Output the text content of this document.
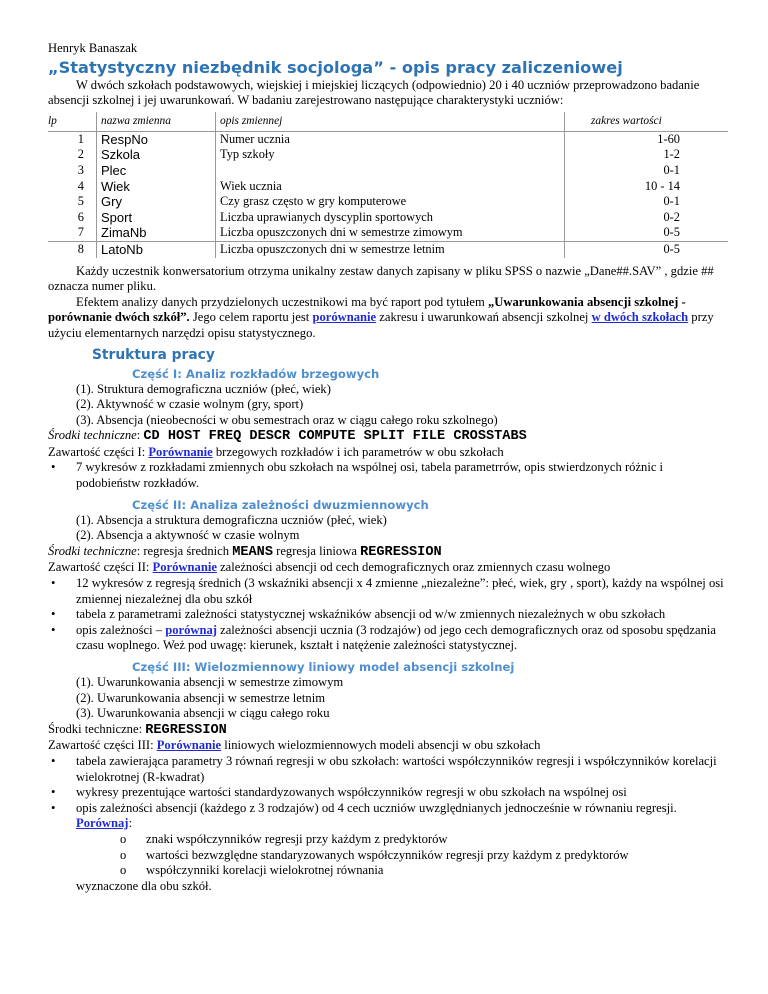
Henryk Banaszak

„Statystyczny niezbędnik socjologa” - opis pracy zaliczeniowej

W dwóch szkołach podstawowych, wiejskiej i miejskiej liczących (odpowiednio) 20 i 40 uczniów przeprowadzono badanie absencji szkolnej i jej uwarunkowań. W badaniu zarejestrowano następujące charakterystyki uczniów:

lp	nazwa zmienna	opis zmiennej	zakres wartości
1	RespNo	Numer ucznia	1-60
2	Szkola	Typ szkoły	1-2
3	Plec		0-1
4	Wiek	Wiek ucznia	10 - 14
5	Gry	Czy grasz często w gry komputerowe	0-1
6	Sport	Liczba uprawianych dyscyplin sportowych	0-2
7	ZimaNb	Liczba opuszczonych dni w semestrze zimowym	0-5
8	LatoNb	Liczba opuszczonych dni w semestrze letnim	0-5

Każdy uczestnik konwersatorium otrzyma unikalny zestaw danych zapisany w pliku SPSS o nazwie „Dane##.SAV” , gdzie ## oznacza numer pliku.

Efektem analizy danych przydzielonych uczestnikowi ma być raport pod tytułem „Uwarunkowania absencji szkolnej - porównanie dwóch szkół”. Jego celem raportu jest porównanie zakresu i uwarunkowań absencji szkolnej w dwóch szkołach przy użyciu elementarnych narzędzi opisu statystycznego.

Struktura pracy

Część I: Analiz rozkładów brzegowych

(1). Struktura demograficzna uczniów (płeć, wiek)

(2). Aktywność w czasie wolnym (gry, sport)

(3). Absencja (nieobecności w obu semestrach oraz w ciągu całego roku szkolnego)

Środki techniczne: CD HOST FREQ DESCR COMPUTE SPLIT FILE CROSSTABS

Zawartość części I: Porównanie brzegowych rozkładów i ich parametrów w obu szkołach

• 7 wykresów z rozkładami zmiennych obu szkołach na wspólnej osi, tabela parametrrów, opis stwierdzonych różnic i podobieństw rozkładów.

Część II: Analiza zależności dwuzmiennowych

(1). Absencja a struktura demograficzna uczniów (płeć, wiek)

(2). Absencja a aktywność w czasie wolnym

Środki techniczne: regresja średnich MEANS regresja liniowa REGRESSION

Zawartość części II: Porównanie zależności absencji od cech demograficznych oraz zmiennych czasu wolnego

• 12 wykresów z regresją średnich (3 wskaźniki absencji x 4 zmienne „niezależne”: płeć, wiek, gry , sport), każdy na wspólnej osi zmiennej niezależnej dla obu szkół

• tabela z parametrami zależności statystycznej wskaźników absencji od w/w zmiennych niezależnych w obu szkołach

• opis zależności – porównaj zależności absencji ucznia (3 rodzajów) od jego cech demograficznych oraz od sposobu spędzania czasu woplnego. Weż pod uwagę: kierunek, kształt i natężenie zależności statystycznej.

Część III: Wielozmiennowy liniowy model absencji szkolnej

(1). Uwarunkowania absencji w semestrze zimowym

(2). Uwarunkowania absencji w semestrze letnim

(3). Uwarunkowania absencji w ciągu całego roku

Środki techniczne: REGRESSION

Zawartość części III: Porównanie liniowych wielozmiennowych modeli absencji w obu szkołach

• tabela zawierająca parametry 3 równań regresji w obu szkołach: wartości współczynników regresji i współczynników korelacji wielokrotnej (R-kwadrat)

• wykresy prezentujące wartości standardyzowanych współczynników regresji w obu szkołach na wspólnej osi

• opis zależności absencji (każdego z 3 rodzajów) od 4 cech uczniów uwzględnianych jednocześnie w równaniu regresji. Porównaj:

o znaki współczynników regresji przy każdym z predyktorów

o wartości bezwzględne standaryzowanych współczynników regresji przy każdym z predyktorów

o współczynniki korelacji wielokrotnej równania

wyznaczone dla obu szkół.
